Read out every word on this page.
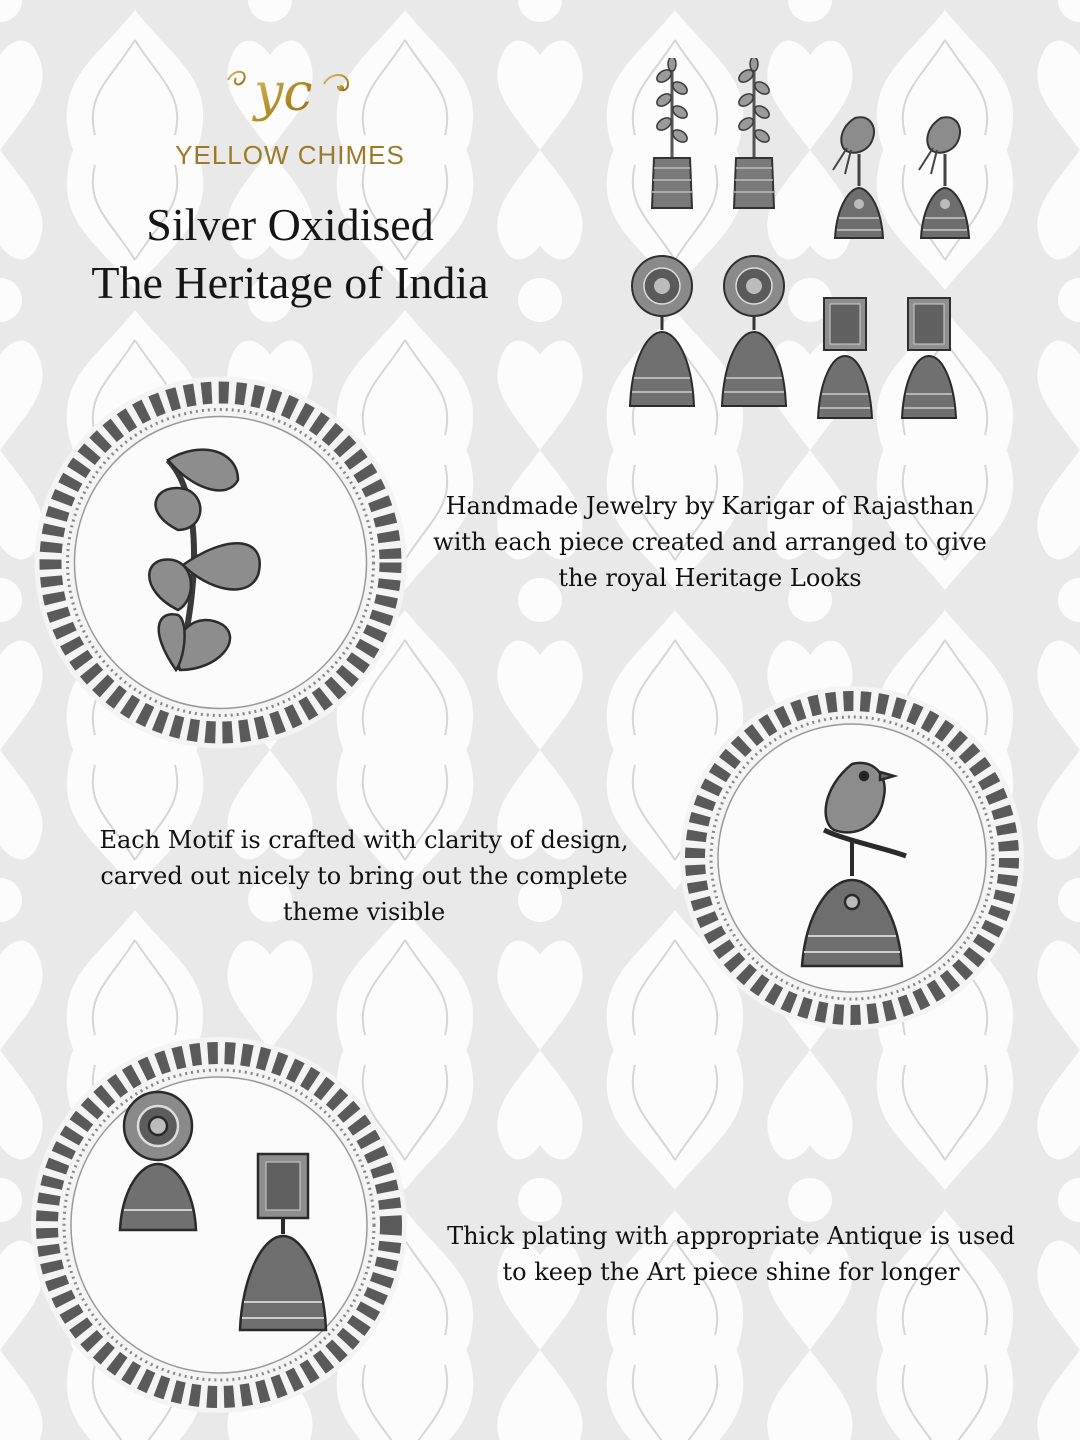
yc
YELLOW CHIMES
Silver Oxidised
The Heritage of India
Handmade Jewelry by Karigar of Rajasthan
with each piece created and arranged to give
the royal Heritage Looks
Each Motif is crafted with clarity of design,
carved out nicely to bring out the complete
theme visible
Thick plating with appropriate Antique is used
to keep the Art piece shine for longer
